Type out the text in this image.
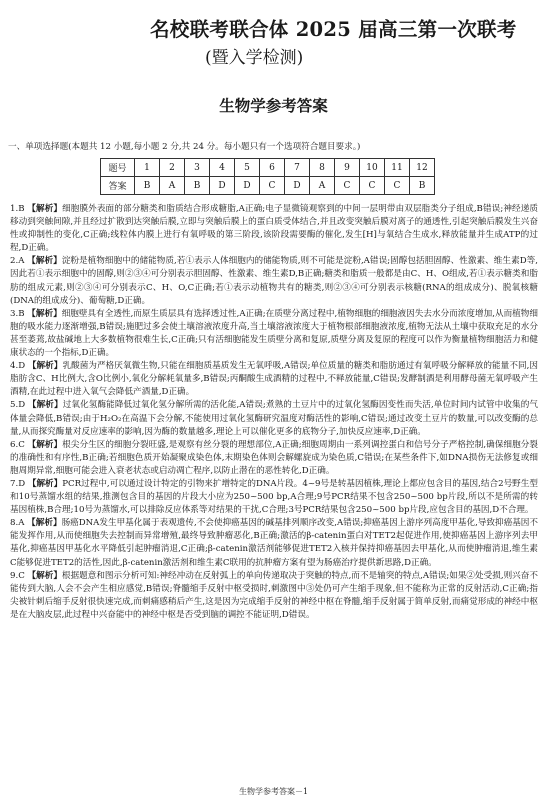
名校联考联合体 2025 届高三第一次联考
(暨入学检测)
生物学参考答案
一、单项选择题(本题共 12 小题,每小题 2 分,共 24 分。每小题只有一个选项符合题目要求。)
题号	1	2	3	4	5	6	7	8	9	10	11	12
答案	B	A	B	D	D	C	D	A	C	C	C	B

1.B 【解析】细胞膜外表面的部分糖类和脂质结合形成糖脂,A正确;电子显微镜观察到的中间一层明带由双层脂类分子组成,B错误;神经递质移动到突触间隙,并且经过扩散到达突触后膜,立即与突触后膜上的蛋白质受体结合,并且改变突触后膜对离子的通透性,引起突触后膜发生兴奋性或抑制性的变化,C正确;线粒体内膜上进行有氧呼吸的第三阶段,该阶段需要酶的催化,发生[H]与氧结合生成水,释放能量并生成ATP的过程,D正确。

2.A 【解析】淀粉是植物细胞中的储能物质,若①表示人体细胞内的储能物质,则不可能是淀粉,A错误;固醇包括胆固醇、性激素、维生素D等,因此若①表示细胞中的固醇,则②③④可分别表示胆固醇、性激素、维生素D,B正确;糖类和脂质一般都是由C、H、O组成,若①表示糖类和脂肪的组成元素,则②③④可分别表示C、H、O,C正确;若①表示动植物共有的糖类,则②③④可分别表示核糖(RNA的组成成分)、脱氧核糖(DNA的组成成分)、葡萄糖,D正确。

3.B 【解析】细胞壁具有全透性,而原生质层具有选择透过性,A正确;在质壁分离过程中,植物细胞的细胞液因失去水分而浓度增加,从而植物细胞的吸水能力逐渐增强,B错误;施肥过多会使土壤溶液浓度升高,当土壤溶液浓度大于植物根部细胞液浓度,植物无法从土壤中获取充足的水分甚至萎蔫,故盐碱地上大多数植物很难生长,C正确;只有活细胞能发生质壁分离和复原,质壁分离及复原的程度可以作为衡量植物细胞活力和健康状态的一个指标,D正确。

4.D 【解析】乳酸菌为严格厌氧微生物,只能在细胞质基质发生无氧呼吸,A错误;单位质量的糖类和脂肪通过有氧呼吸分解释放的能量不同,因脂肪含C、H比例大,含O比例小,氧化分解耗氧量多,B错误;丙酮酸生成酒精的过程中,不释放能量,C错误;发酵制酒是利用酵母菌无氧呼吸产生酒精,在此过程中进入氧气会降低产酒量,D正确。

5.D 【解析】过氧化氢酶能降低过氧化氢分解所需的活化能,A错误;煮熟的土豆片中的过氧化氢酶因变性而失活,单位时间内试管中收集的气体量会降低,B错误;由于H₂O₂在高温下会分解,不能使用过氧化氢酶研究温度对酶活性的影响,C错误;通过改变土豆片的数量,可以改变酶的总量,从而探究酶量对反应速率的影响,因为酶的数量越多,理论上可以催化更多的底物分子,加快反应速率,D正确。

6.C 【解析】根尖分生区的细胞分裂旺盛,是观察有丝分裂的理想部位,A正确;细胞周期由一系列调控蛋白和信号分子严格控制,确保细胞分裂的准确性和有序性,B正确;若细胞色质开始凝聚成染色体,末期染色体则会解螺旋成为染色质,C错误;在某些条件下,如DNA损伤无法修复或细胞周期异常,细胞可能会进入衰老状态或启动凋亡程序,以防止潜在的恶性转化,D正确。

7.D 【解析】PCR过程中,可以通过设计特定的引物来扩增特定的DNA片段。4~9号是转基因植株,理论上都应包含目的基因,结合2号野生型和10号蒸馏水组的结果,推测包含目的基因的片段大小应为250~500 bp,A合理;9号PCR结果不包含250~500 bp片段,所以不是所需的转基因植株,B合理;10号为蒸馏水,可以排除反应体系等对结果的干扰,C合理;3号PCR结果包含250~500 bp片段,应包含目的基因,D不合理。

8.A 【解析】肠癌DNA发生甲基化属于表观遗传,不会使抑癌基因的碱基排列顺序改变,A错误;抑癌基因上游序列高度甲基化,导致抑癌基因不能发挥作用,从而使细胞失去控制而异常增殖,最终导致肿瘤恶化,B正确;激活的β-catenin蛋白对TET2起促进作用,使抑癌基因上游序列去甲基化,抑癌基因甲基化水平降低引起肿瘤消退,C正确;β-catenin激活剂能够促进TET2入核并保持抑癌基因去甲基化,从而使肿瘤消退,维生素C能够促进TET2的活性,因此,β-catenin激活剂和维生素C联用的抗肿瘤方案有望为肠癌治疗提供新思路,D正确。

9.C 【解析】根据题意和图示分析可知:神经冲动在反射弧上的单向传递取决于突触的特点,而不是轴突的特点,A错误;如果②处受损,则兴奋不能传到大脑,人会不会产生相应感觉,B错误;脊髓缩手反射中枢受损时,刺激图中③处仍可产生缩手现象,但不能称为正常的反射活动,C正确;指尖被针刺后缩手反射很快速完成,而刺痛感稍后产生,这是因为完成缩手反射的神经中枢在脊髓,缩手反射属于简单反射,而痛觉形成的神经中枢是在大脑皮层,此过程中兴奋能中的神经中枢是否受到脑的调控不能证明,D错误。

生物学参考答案－1
